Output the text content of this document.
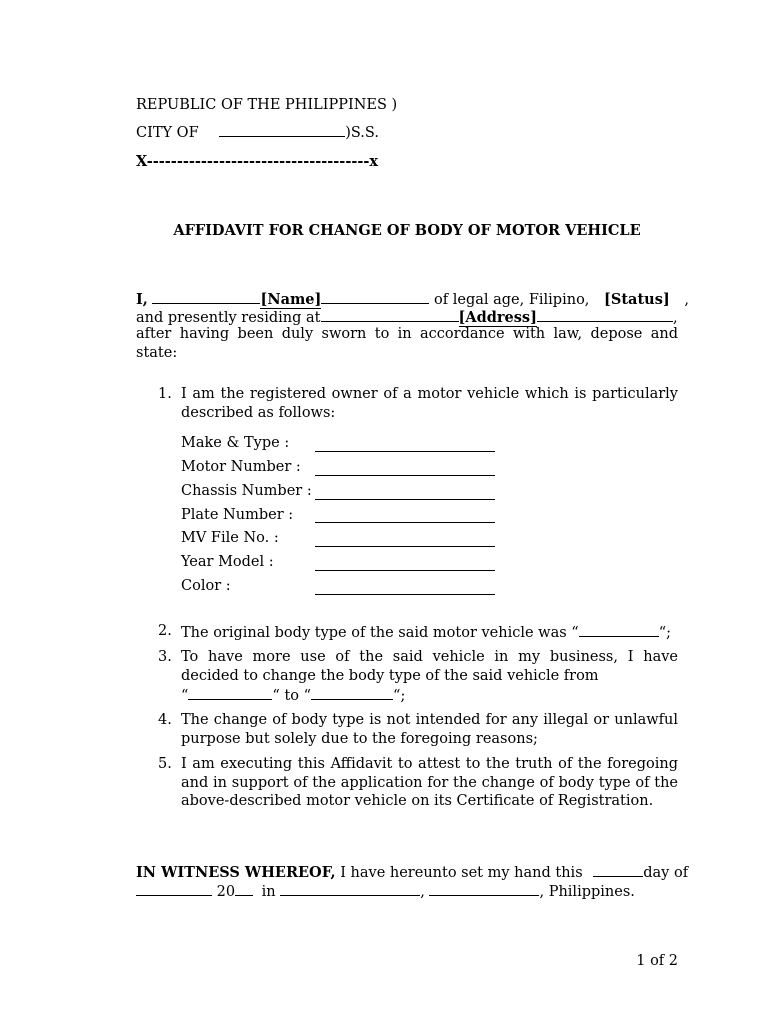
REPUBLIC OF THE PHILIPPINES )
CITY OF	)S.S.
X-------------------------------------x
AFFIDAVIT FOR CHANGE OF BODY OF MOTOR VEHICLE
I,	[Name]	of legal age, Filipino, [Status] ,
and presently residing at	[Address]	,
after having been duly sworn to in accordance with law, depose and state:
1. I am the registered owner of a motor vehicle which is particularly described as follows:
Make & Type :
Motor Number :
Chassis Number :
Plate Number :
MV File No. :
Year Model :
Color :
2. The original body type of the said motor vehicle was “	“;
3. To have more use of the said vehicle in my business, I have decided to change the body type of the said vehicle from
“	“ to “	“;
4. The change of body type is not intended for any illegal or unlawful purpose but solely due to the foregoing reasons;
5. I am executing this Affidavit to attest to the truth of the foregoing and in support of the application for the change of body type of the above-described motor vehicle on its Certificate of Registration.
IN WITNESS WHEREOF, I have hereunto set my hand this	day of
20 in	,	, Philippines.
1 of 2
